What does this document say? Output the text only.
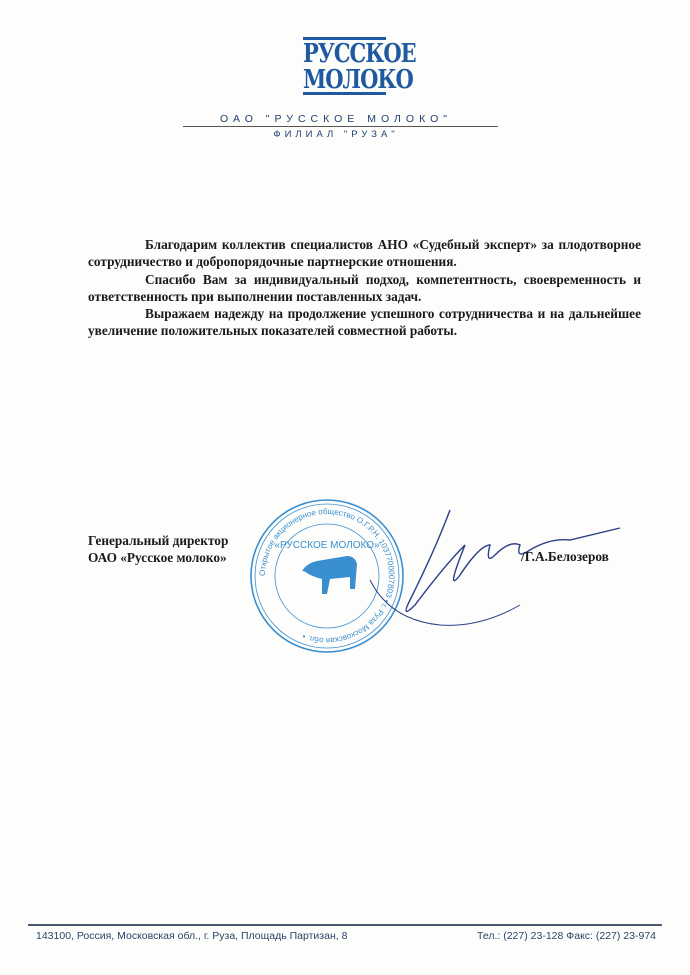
РУССКОЕ
МОЛОКО
ОАО "РУССКОЕ МОЛОКО"
ФИЛИАЛ "РУЗА"

Благодарим коллектив специалистов АНО «Судебный эксперт» за плодотворное сотрудничество и добропорядочные партнерские отношения.

Спасибо Вам за индивидуальный подход, компетентность, своевременность и ответственность при выполнении поставленных задач.

Выражаем надежду на продолжение успешного сотрудничества и на дальнейшее увеличение положительных показателей совместной работы.

Генеральный директор
ОАО «Русское молоко»
Открытое акционерное общество О.Г.Р.Н. 1037700007803 • г. Руза Московская обл. •
«РУССКОЕ МОЛОКО»
/Г.А.Белозеров
143100, Россия, Московская обл., г. Руза, Площадь Партизан, 8	Тел.: (227) 23-128 Факс: (227) 23-974
